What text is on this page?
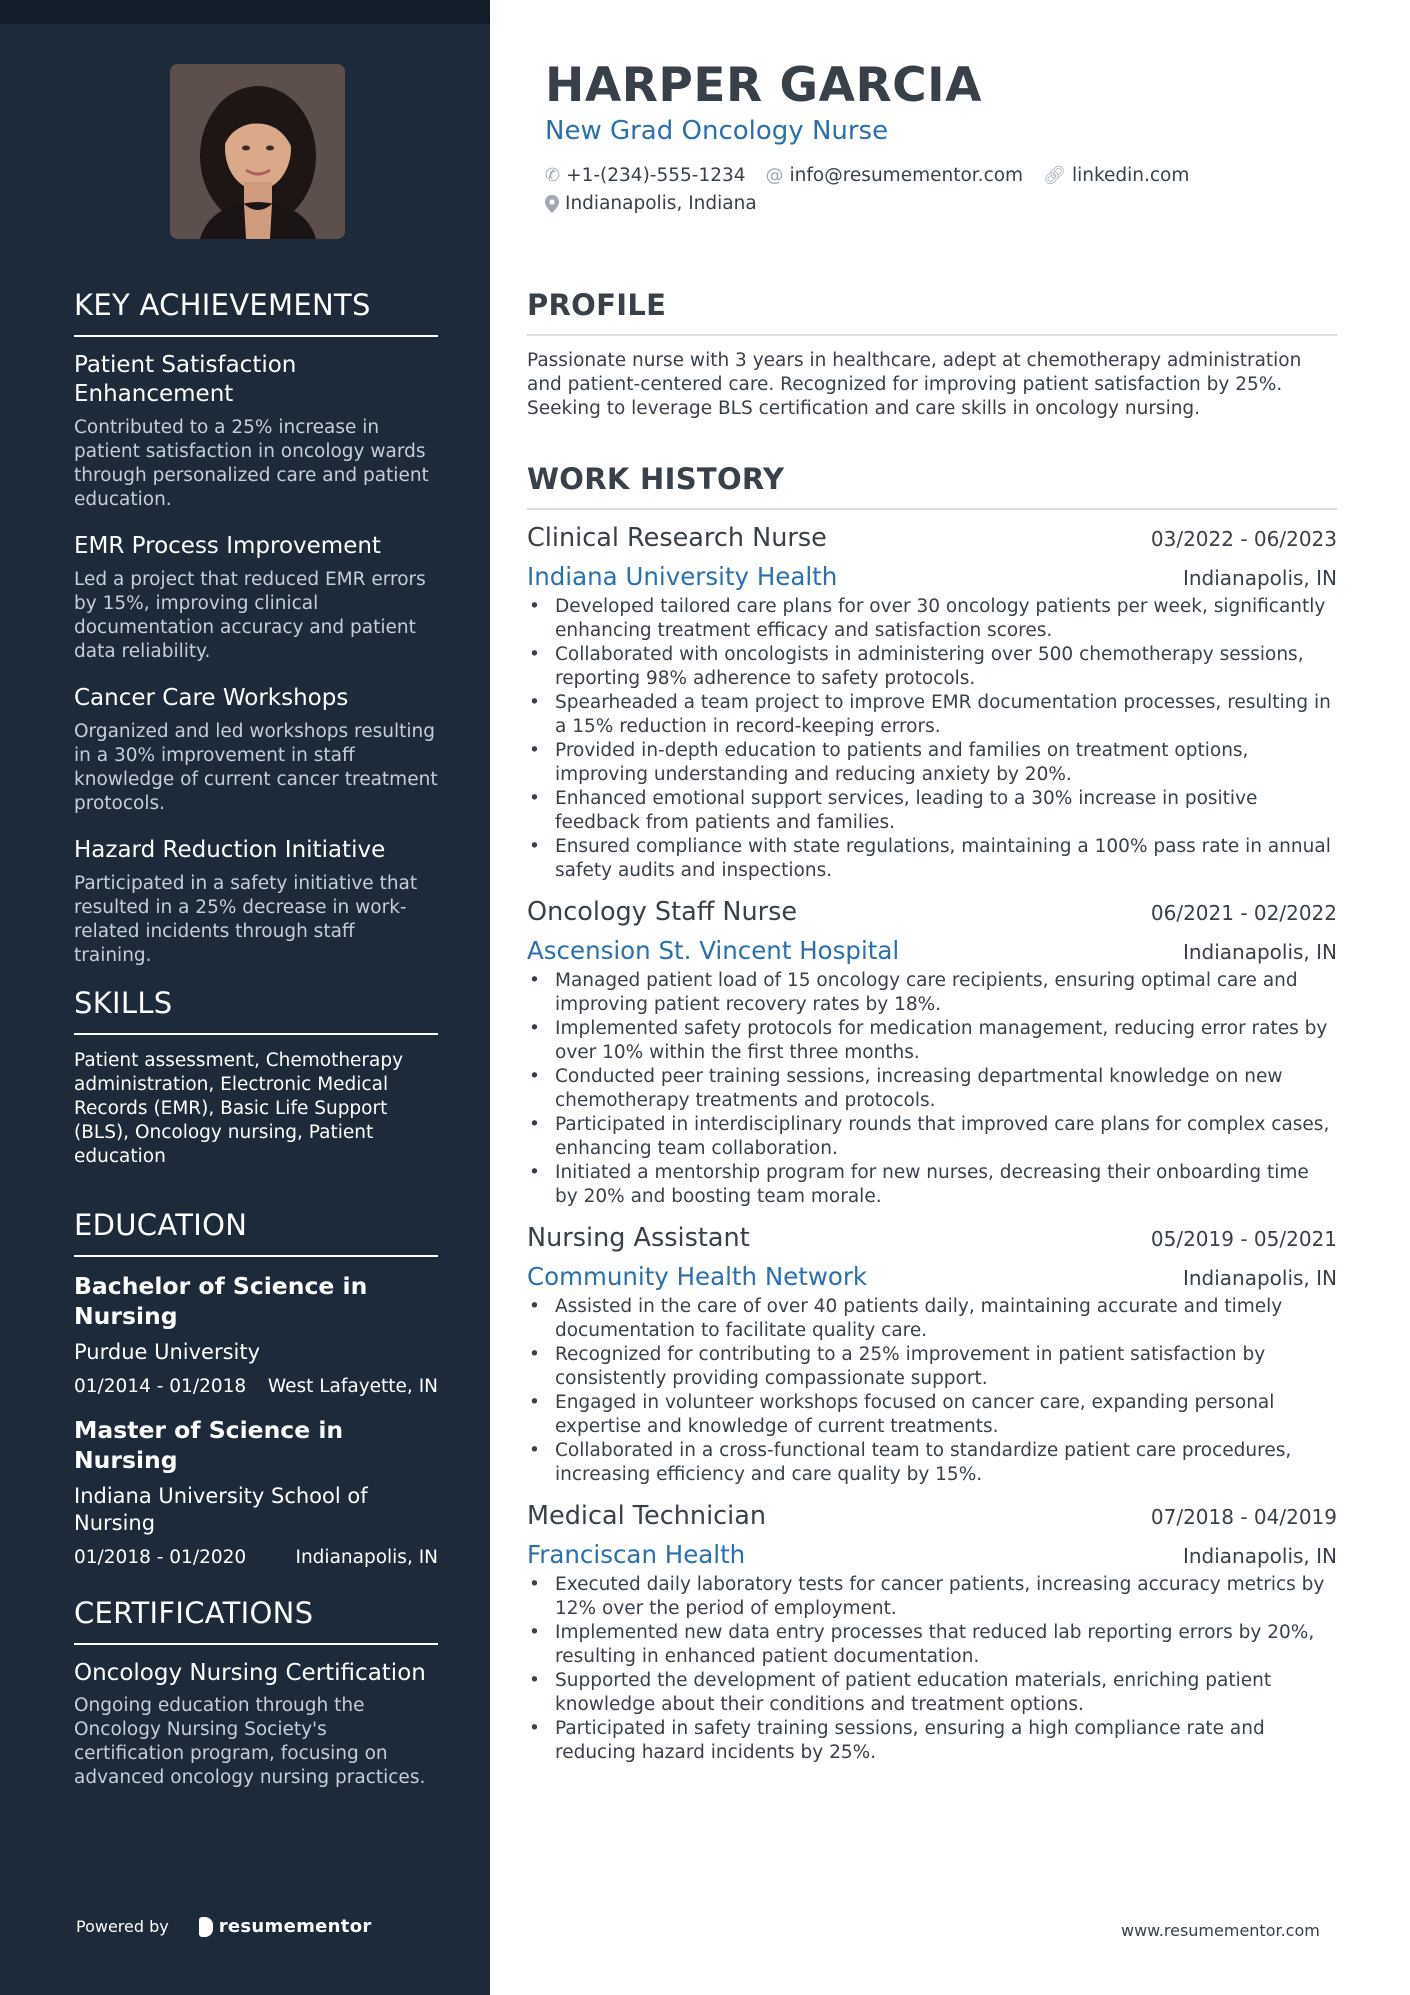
KEY ACHIEVEMENTS
Patient Satisfaction Enhancement
Contributed to a 25% increase in patient satisfaction in oncology wards through personalized care and patient education.
EMR Process Improvement
Led a project that reduced EMR errors by 15%, improving clinical documentation accuracy and patient data reliability.
Cancer Care Workshops
Organized and led workshops resulting in a 30% improvement in staff knowledge of current cancer treatment protocols.
Hazard Reduction Initiative
Participated in a safety initiative that resulted in a 25% decrease in work-related incidents through staff training.
SKILLS
Patient assessment, Chemotherapy administration, Electronic Medical Records (EMR), Basic Life Support (BLS), Oncology nursing, Patient education
EDUCATION
Bachelor of Science in Nursing
Purdue University
01/2014 - 01/2018 West Lafayette, IN
Master of Science in Nursing
Indiana University School of Nursing
01/2018 - 01/2020	Indianapolis, IN
CERTIFICATIONS
Oncology Nursing Certification
Ongoing education through the Oncology Nursing Society's certification program, focusing on advanced oncology nursing practices.
Powered by	resumementor
HARPER GARCIA
New Grad Oncology Nurse
✆ +1-(234)-555-1234 @ info@resumementor.com 🔗︎ linkedin.com
Indianapolis, Indiana
PROFILE

Passionate nurse with 3 years in healthcare, adept at chemotherapy administration and patient-centered care. Recognized for improving patient satisfaction by 25%. Seeking to leverage BLS certification and care skills in oncology nursing.

WORK HISTORY
Clinical Research Nurse	03/2022 - 06/2023
Indiana University Health	Indianapolis, IN
• Developed tailored care plans for over 30 oncology patients per week, significantly enhancing treatment efficacy and satisfaction scores.
• Collaborated with oncologists in administering over 500 chemotherapy sessions, reporting 98% adherence to safety protocols.
• Spearheaded a team project to improve EMR documentation processes, resulting in a 15% reduction in record-keeping errors.
• Provided in-depth education to patients and families on treatment options, improving understanding and reducing anxiety by 20%.
• Enhanced emotional support services, leading to a 30% increase in positive feedback from patients and families.
• Ensured compliance with state regulations, maintaining a 100% pass rate in annual safety audits and inspections.
Oncology Staff Nurse	06/2021 - 02/2022
Ascension St. Vincent Hospital	Indianapolis, IN
• Managed patient load of 15 oncology care recipients, ensuring optimal care and improving patient recovery rates by 18%.
• Implemented safety protocols for medication management, reducing error rates by over 10% within the first three months.
• Conducted peer training sessions, increasing departmental knowledge on new chemotherapy treatments and protocols.
• Participated in interdisciplinary rounds that improved care plans for complex cases, enhancing team collaboration.
• Initiated a mentorship program for new nurses, decreasing their onboarding time by 20% and boosting team morale.
Nursing Assistant	05/2019 - 05/2021
Community Health Network	Indianapolis, IN
• Assisted in the care of over 40 patients daily, maintaining accurate and timely documentation to facilitate quality care.
• Recognized for contributing to a 25% improvement in patient satisfaction by consistently providing compassionate support.
• Engaged in volunteer workshops focused on cancer care, expanding personal expertise and knowledge of current treatments.
• Collaborated in a cross-functional team to standardize patient care procedures, increasing efficiency and care quality by 15%.
Medical Technician	07/2018 - 04/2019
Franciscan Health	Indianapolis, IN
• Executed daily laboratory tests for cancer patients, increasing accuracy metrics by 12% over the period of employment.
• Implemented new data entry processes that reduced lab reporting errors by 20%, resulting in enhanced patient documentation.
• Supported the development of patient education materials, enriching patient knowledge about their conditions and treatment options.
• Participated in safety training sessions, ensuring a high compliance rate and reducing hazard incidents by 25%.
www.resumementor.com
